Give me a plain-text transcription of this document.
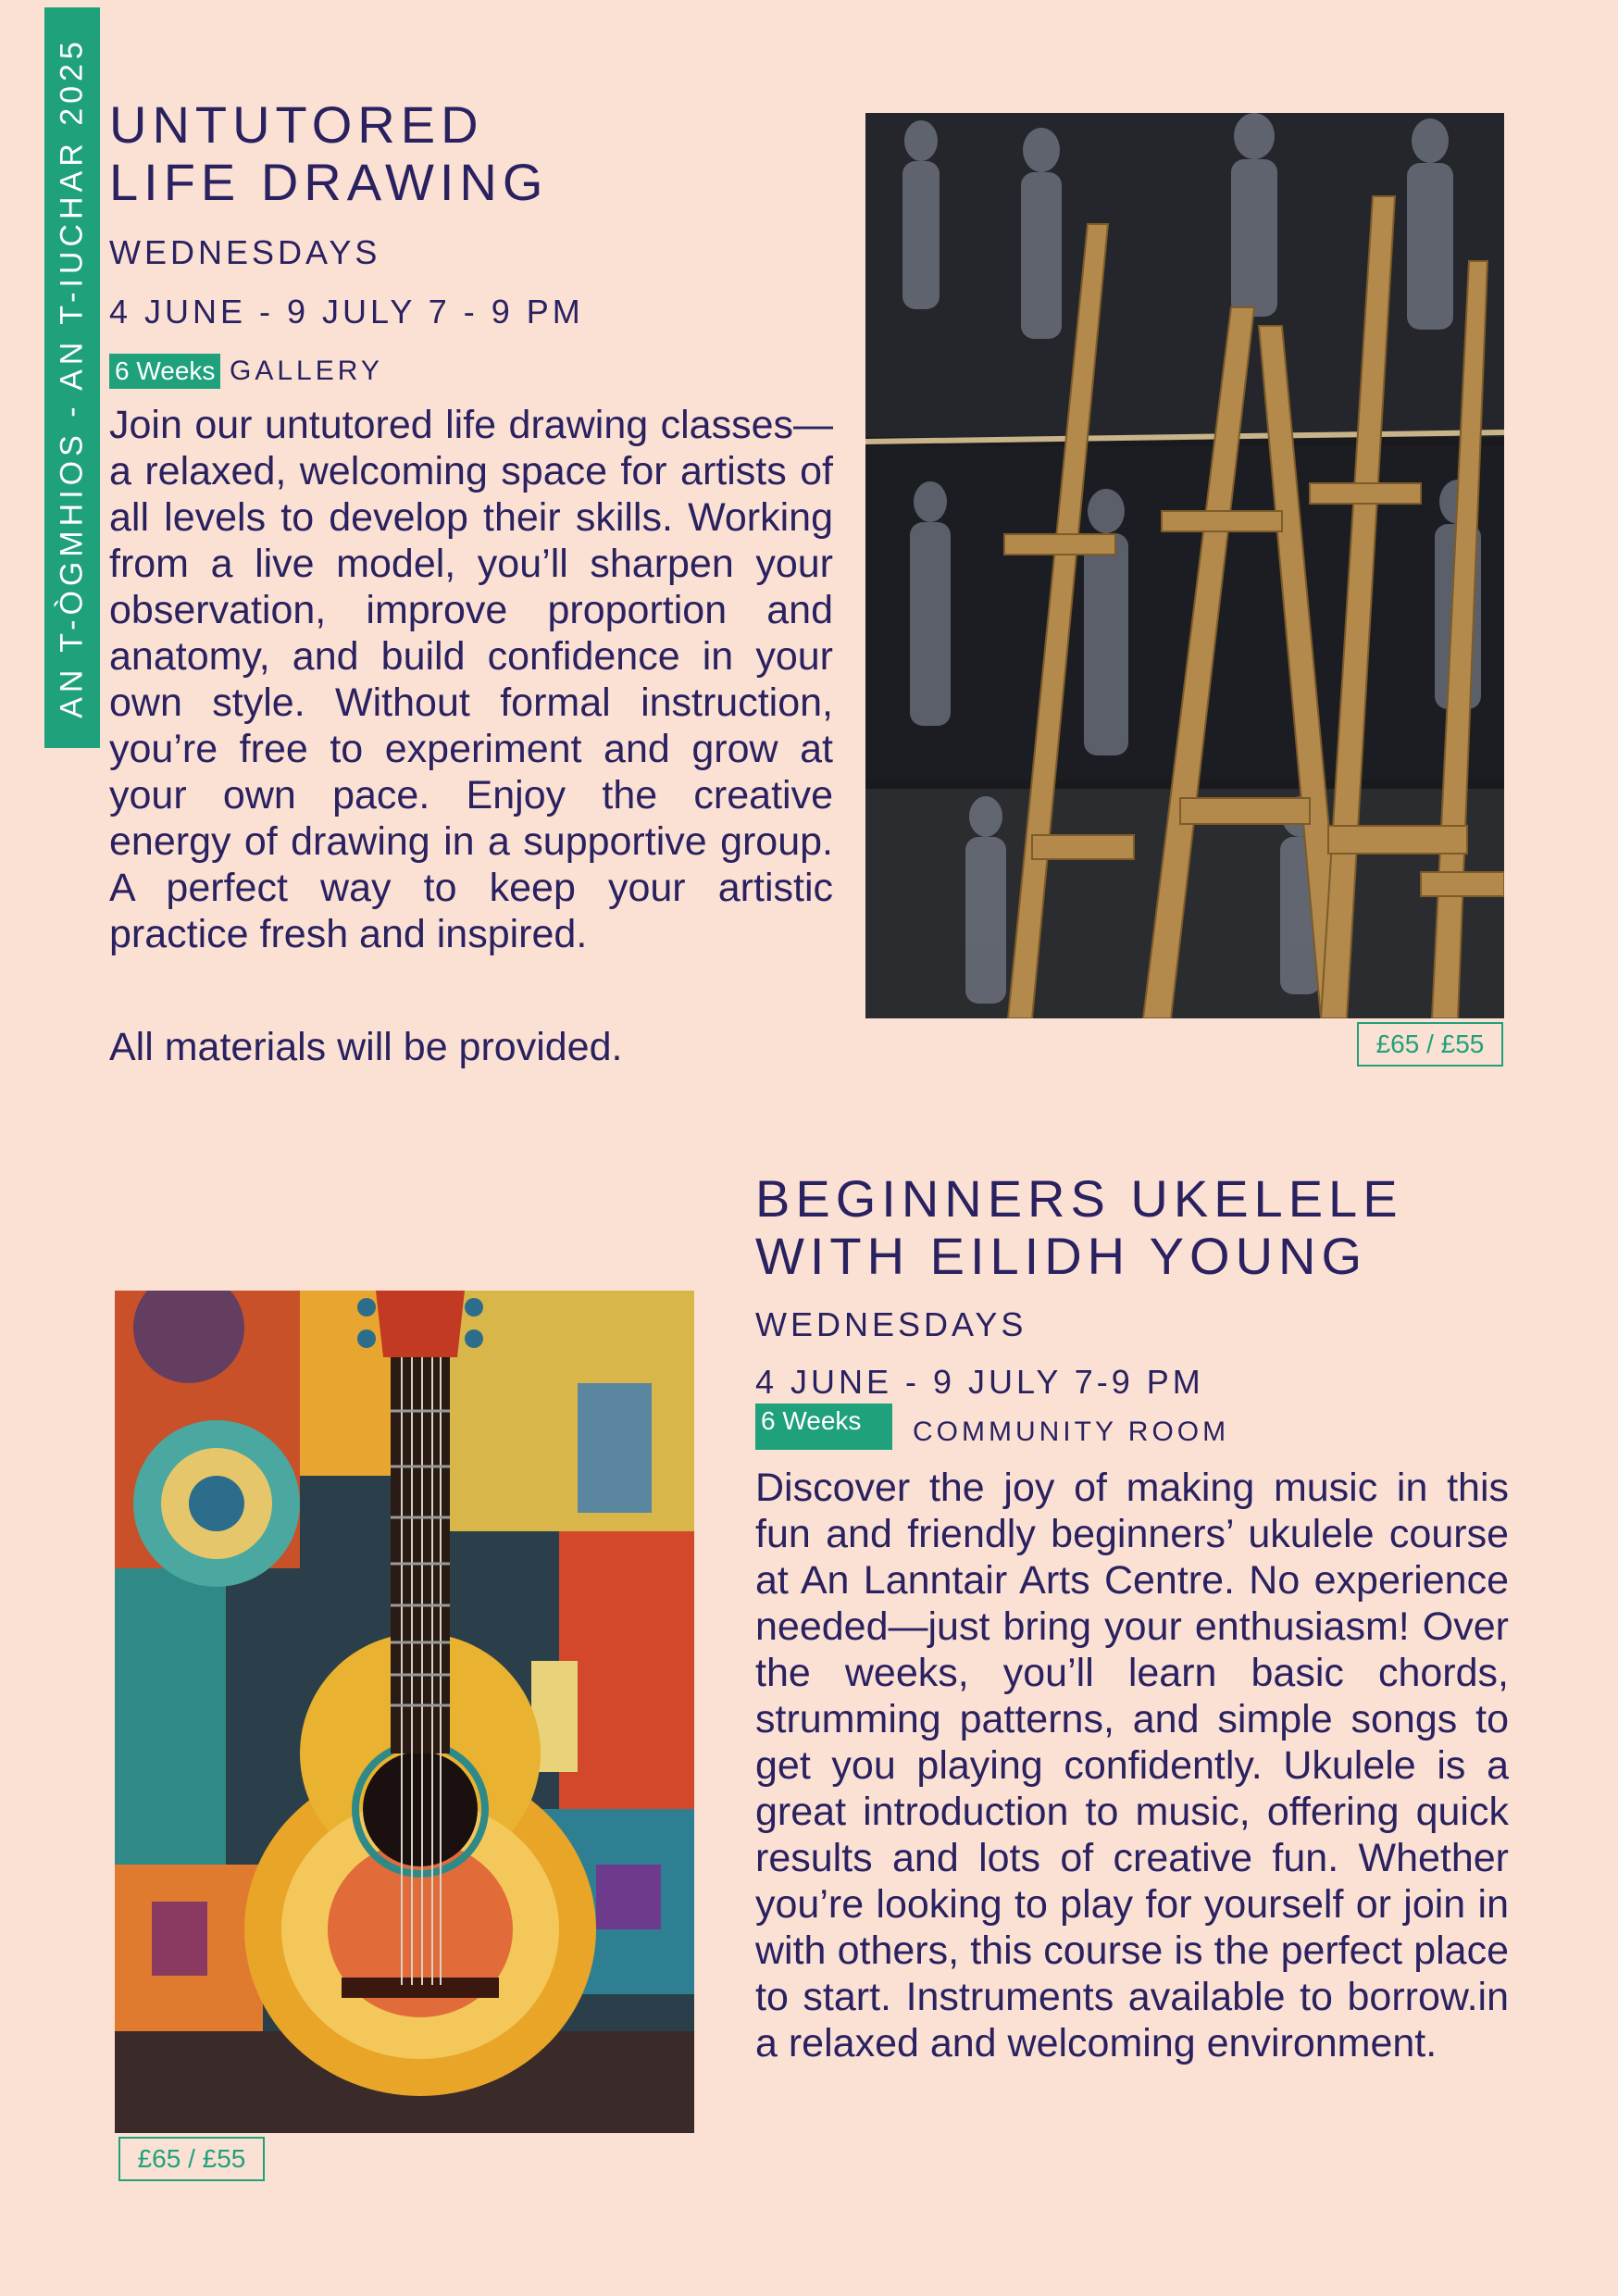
AN T-ÒGMHIOS - AN T-IUCHAR 2025 UNTUTORED
LIFE DRAWING
WEDNESDAYS
4 JUNE - 9 JULY 7 - 9 PM
6 Weeks GALLERY

Join our untutored life drawing classes—a relaxed, welcoming space for artists of all levels to develop their skills. Working from a live model, you’ll sharpen your observation, improve proportion and anatomy, and build confidence in your own style. Without formal instruction, you’re free to experiment and grow at your own pace. Enjoy the creative energy of drawing in a supportive group. A perfect way to keep your artistic practice fresh and inspired.

All materials will be provided.	£65 / £55
BEGINNERS UKELELE
WITH EILIDH YOUNG
WEDNESDAYS
4 JUNE - 9 JULY 7-9 PM
6 Weeks	COMMUNITY ROOM

Discover the joy of making music in this fun and friendly beginners’ ukulele course at An Lanntair Arts Centre. No experience needed—just bring your enthusiasm! Over the weeks, you’ll learn basic chords, strumming patterns, and simple songs to get you playing confidently. Ukulele is a great introduction to music, offering quick results and lots of creative fun. Whether you’re looking to play for yourself or join in with others, this course is the perfect place to start. Instruments available to borrow.in a relaxed and welcoming environment.

£65 / £55
